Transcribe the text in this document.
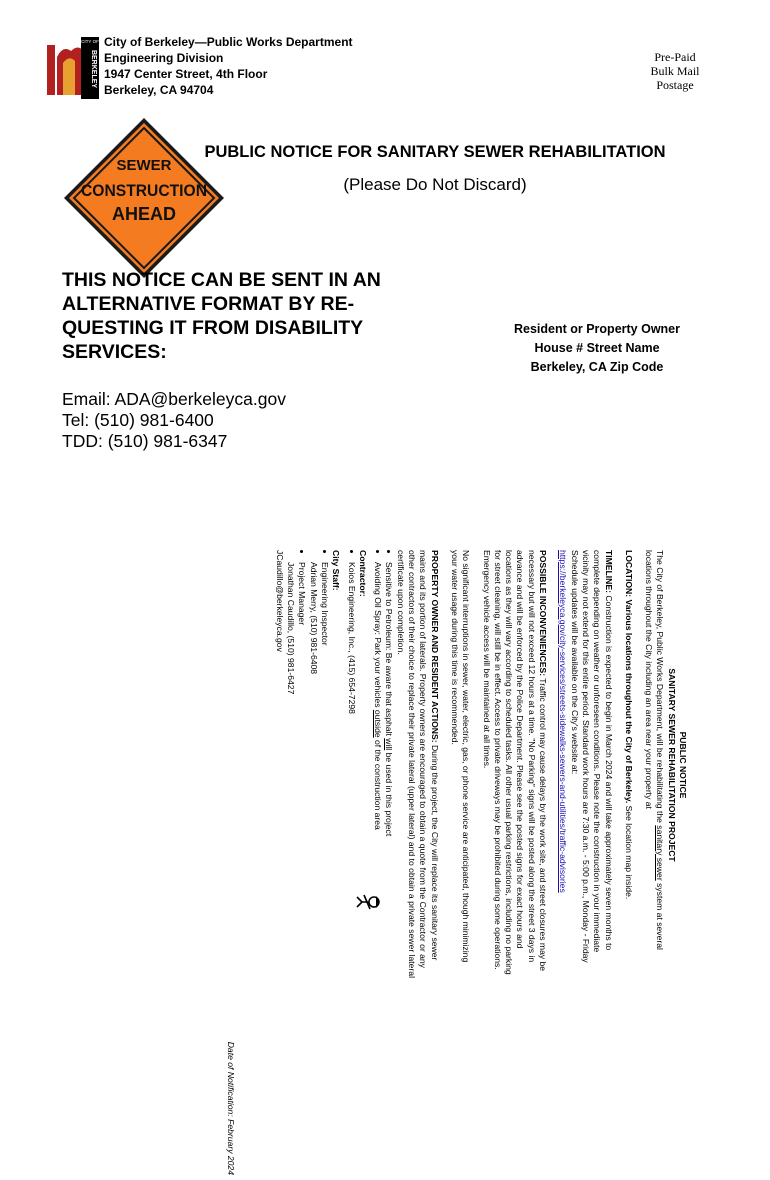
CITY OF
BERKELEY
City of Berkeley—Public Works Department
Engineering Division
1947 Center Street, 4th Floor
Berkeley, CA 94704
Pre-Paid
Bulk Mail
Postage
SEWER
CONSTRUCTION
AHEAD
PUBLIC NOTICE FOR SANITARY SEWER REHABILITATION
(Please Do Not Discard)
THIS NOTICE CAN BE SENT IN AN ALTERNATIVE FORMAT BY RE-QUESTING IT FROM DISABILITY SERVICES:
Email: ADA@berkeleyca.gov
Tel: (510) 981-6400
TDD: (510) 981-6347
Resident or Property Owner
House # Street Name
Berkeley, CA Zip Code
PUBLIC NOTICE
SANITARY SEWER REHABILITATION PROJECT

The City of Berkeley, Public Works Department, will be rehabilitating the sanitary sewer system at several locations throughout the City including an area near your property at

LOCATION: Various locations throughout the City of Berkeley. See location map inside.

TIMELINE: Construction is expected to begin in March 2024 and will take approximately seven months to complete depending on weather or unforeseen conditions. Please note the construction in your immediate vicinity may not extend for this entire period. Standard work hours are 7:30 a.m. - 5:00 p.m., Monday - Friday

Schedule updates will be available on the City's website at:

https://berkeleyca.gov/city-services/streets-sidewalks-sewers-and-utilities/traffic-advisories

POSSIBLE INCONVENIENCES: Traffic control may cause delays by the work site, and street closures may be necessary but will not exceed 12 hours at a time. "No Parking" signs will be posted along the street 3 days in advance and will be enforced by the Police Department. Please see the posted signs for exact hours and locations as they will vary according to scheduled tasks. All other usual parking restrictions, including no parking for street cleaning, will still be in effect. Access to private driveways may be prohibited during some operations. Emergency vehicle access will be maintained at all times.

No significant interruptions in sewer, water, electric, gas, or phone service are anticipated, though minimizing your water usage during this time is recommended.

PROPERTY OWNER AND RESIDENT ACTIONS: During the project, the City will replace its sanitary sewer mains and its portion of laterals. Property owners are encouraged to obtain a quote from the Contractor or any other contractors of their choice to replace their private lateral (upper lateral) and to obtain a private sewer lateral certificate upon completion.

• Sensitive to Petroleum: Be aware that asphalt will be used in this project
• Avoiding Oil Spray: Park your vehicles outside of the construction area
Contractor:
• Koios Engineering, Inc., (415) 654-7298
City Staff:
• Engineering Inspector
Adrian Merry, (510) 981-6408
• Project Manager
Jonathan Caudillo, (510) 981-6427
JCaudillo@berkeleyca.gov
Date of Notification: February 2024
